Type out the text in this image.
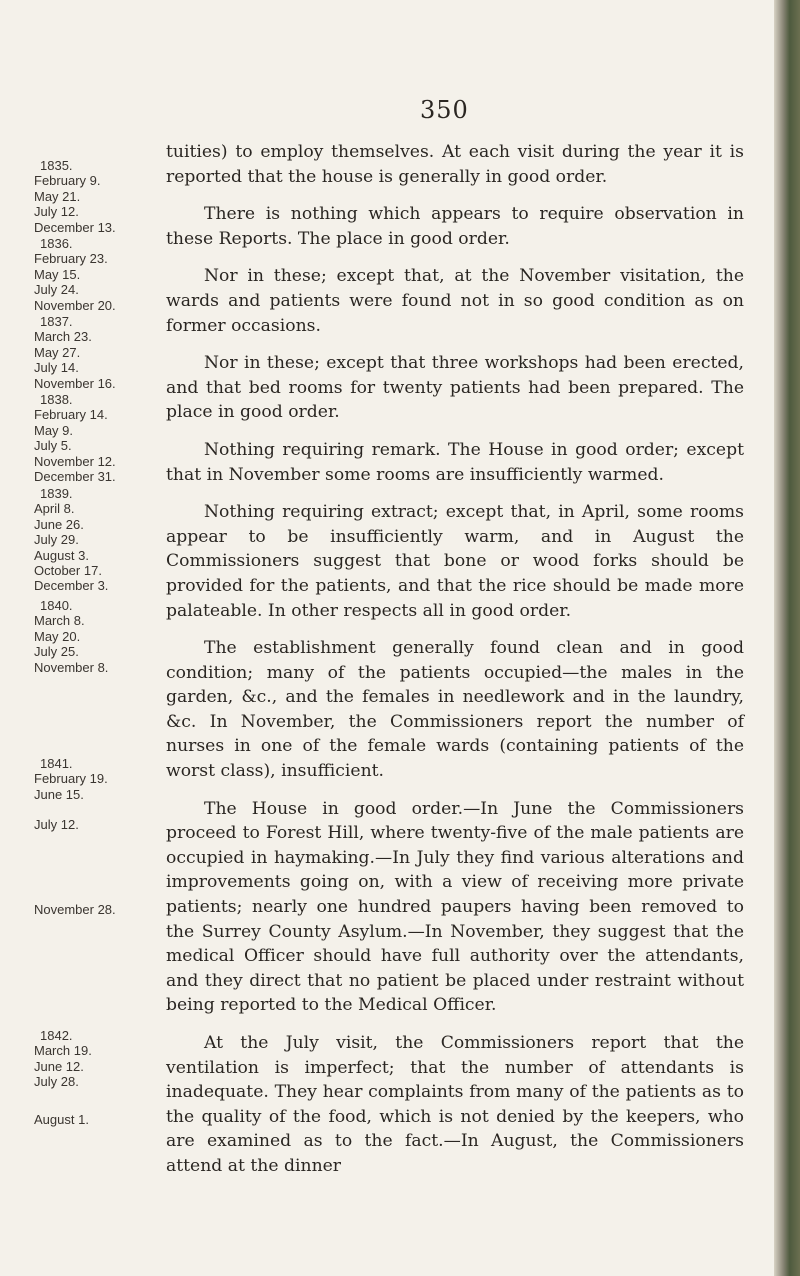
350
1835.
February 9.
May 21.
July 12.
December 13.
1836.
February 23.
May 15.
July 24.
November 20.
1837.
March 23.
May 27.
July 14.
November 16.
1838.
February 14.
May 9.
July 5.
November 12.
December 31.
1839.
April 8.
June 26.
July 29.
August 3.
October 17.
December 3.
1840.
March 8.
May 20.
July 25.
November 8.
1841.
February 19.
June 15.
July 12.
November 28.
1842.
March 19.
June 12.
July 28.
August 1.

tuities) to employ themselves. At each visit during the year it is reported that the house is generally in good order.

There is nothing which appears to require observation in these Reports. The place in good order.

Nor in these; except that, at the November visitation, the wards and patients were found not in so good condition as on former occasions.

Nor in these; except that three workshops had been erected, and that bed rooms for twenty patients had been prepared. The place in good order.

Nothing requiring remark. The House in good order; except that in November some rooms are insufficiently warmed.

Nothing requiring extract; except that, in April, some rooms appear to be insufficiently warm, and in August the Commissioners suggest that bone or wood forks should be provided for the patients, and that the rice should be made more palateable. In other respects all in good order.

The establishment generally found clean and in good condition; many of the patients occupied—the males in the garden, &c., and the females in needlework and in the laundry, &c. In November, the Commissioners report the number of nurses in one of the female wards (containing patients of the worst class), insufficient.

The House in good order.—In June the Commissioners proceed to Forest Hill, where twenty-five of the male patients are occupied in haymaking.—In July they find various alterations and improvements going on, with a view of receiving more private patients; nearly one hundred paupers having been removed to the Surrey County Asylum.—In November, they suggest that the medical Officer should have full authority over the attendants, and they direct that no patient be placed under restraint without being reported to the Medical Officer.

At the July visit, the Commissioners report that the ventilation is imperfect; that the number of attendants is inadequate. They hear complaints from many of the patients as to the quality of the food, which is not denied by the keepers, who are examined as to the fact.—In August, the Commissioners attend at the dinner
